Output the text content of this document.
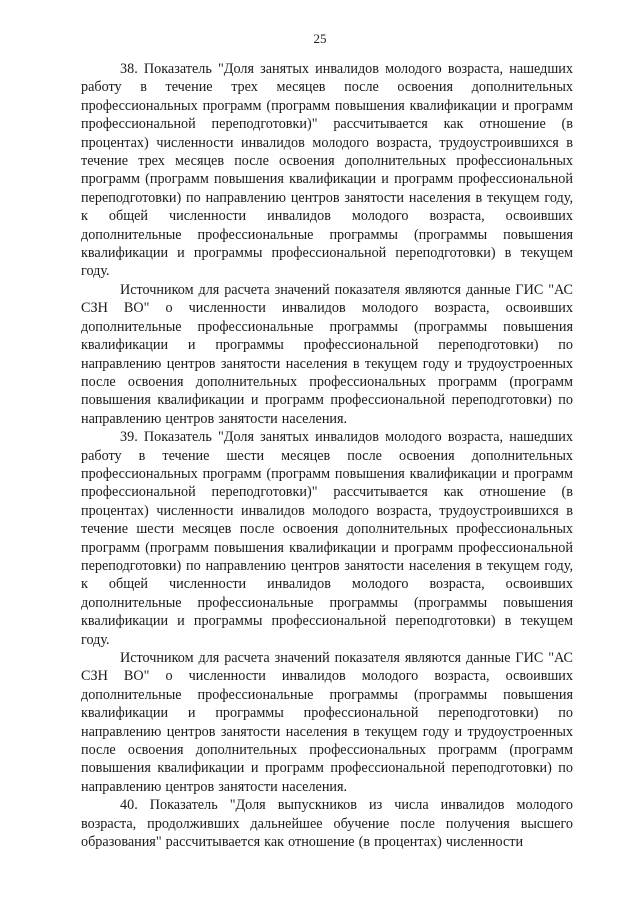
25

38. Показатель "Доля занятых инвалидов молодого возраста, нашедших работу в течение трех месяцев после освоения дополнительных профессиональных программ (программ повышения квалификации и программ профессиональной переподготовки)" рассчитывается как отношение (в процентах) численности инвалидов молодого возраста, трудоустроившихся в течение трех месяцев после освоения дополнительных профессиональных программ (программ повышения квалификации и программ профессиональной переподготовки) по направлению центров занятости населения в текущем году, к общей численности инвалидов молодого возраста, освоивших дополнительные профессиональные программы (программы повышения квалификации и программы профессиональной переподготовки) в текущем году.

Источником для расчета значений показателя являются данные ГИС "АС СЗН ВО" о численности инвалидов молодого возраста, освоивших дополнительные профессиональные программы (программы повышения квалификации и программы профессиональной переподготовки) по направлению центров занятости населения в текущем году и трудоустроенных после освоения дополнительных профессиональных программ (программ повышения квалификации и программ профессиональной переподготовки) по направлению центров занятости населения.

39. Показатель "Доля занятых инвалидов молодого возраста, нашедших работу в течение шести месяцев после освоения дополнительных профессиональных программ (программ повышения квалификации и программ профессиональной переподготовки)" рассчитывается как отношение (в процентах) численности инвалидов молодого возраста, трудоустроившихся в течение шести месяцев после освоения дополнительных профессиональных программ (программ повышения квалификации и программ профессиональной переподготовки) по направлению центров занятости населения в текущем году, к общей численности инвалидов молодого возраста, освоивших дополнительные профессиональные программы (программы повышения квалификации и программы профессиональной переподготовки) в текущем году.

Источником для расчета значений показателя являются данные ГИС "АС СЗН ВО" о численности инвалидов молодого возраста, освоивших дополнительные профессиональные программы (программы повышения квалификации и программы профессиональной переподготовки) по направлению центров занятости населения в текущем году и трудоустроенных после освоения дополнительных профессиональных программ (программ повышения квалификации и программ профессиональной переподготовки) по направлению центров занятости населения.

40. Показатель "Доля выпускников из числа инвалидов молодого возраста, продолживших дальнейшее обучение после получения высшего образования" рассчитывается как отношение (в процентах) численности
